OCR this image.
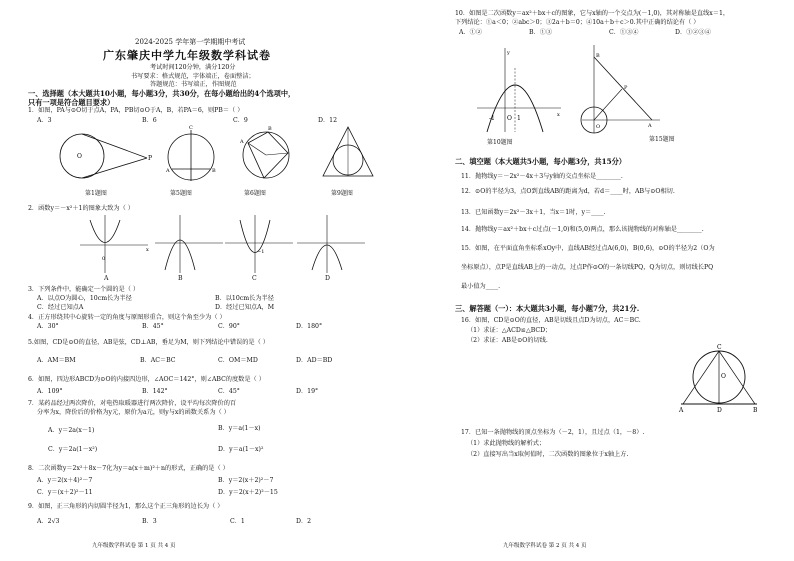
2024-2025 学年第一学期期中考试
广东肇庆中学九年级数学科试卷
考试时间120分钟，满分120分
书写要求：格式规范，字体端正，卷面整洁；
答题规范：书写端正，作图规范
一、选择题（本大题共10小题，每小题3分，共30分，在每小题给出的4个选项中，
只有一项是符合题目要求）
1．如图，PA与⊙O切于点A，PA，PB切⊙O于A，B，若PA＝6，则PB＝（ ）
A．3	B．6	C．9	D．12
O	P
C
A	B
B
A
第1题图	第5题图	第6题图	第9题图
2．函数y＝－x²＋1的图象大致为（ ）
0
x	−1
A	B	C	D
3．下列条件中，能确定一个圆的是（ ）
A．以点O为圆心，10cm长为半径	B．以10cm长为半径
C．经过已知点A	D．经过已知点A，M
4．正方形绕其中心旋转一定的角度与原图形重合，则这个角至少为（ ）
A．30°	B．45°	C．90°	D．180°
5.如图，CD是⊙O的直径，AB是弦，CD⊥AB，垂足为M，则下列结论中错误的是（ ）
A．AM＝BM	B．AC＝BC	C．OM＝MD	D．AD＝BD
6．如图，四边形ABCD为⊙O的内接四边形，∠AOC＝142°，则∠ABC的度数是（ ）
A．109°	B．142°	C．45°	D．19°
7．某药品经过两次降价，对电热取暖器进行两次降价，设平均每次降价的百
分率为x，降价后的价格为y元，原价为a元，则y与x的函数关系为（ ）
A．y＝2a(x－1)	B．y＝a(1－x)
C．y＝2a(1－x²)	D．y＝a(1－x)²
8．二次函数y＝2x²＋8x－7化为y＝a(x＋m)²＋n的形式，正确的是（ ）
A．y＝2(x＋4)²－7	B．y＝2(x＋2)²－7
C．y＝(x＋2)²－11	D．y＝2(x＋2)²－15
9．如图，正三角形的内切圆半径为1，那么这个正三角形的边长为（ ）
A．2√3	B．3	C．1	D．2
九年级数学科试卷 第 1 页 共 4 页
10．如图是二次函数y＝ax²＋bx＋c的图象，它与x轴的一个交点为(－1,0)，其对称轴是直线x＝1，
下列结论：①a＜0；②abc＞0；③2a＋b＝0；④10a＋b＋c＞0.其中正确的结论有（ ）
A．①②	B．①③	C．①③④	D．①②③④
-1 O 1
y
x
B
A
O
P
第10题图	第15题图
二、填空题（本大题共5小题，每小题3分，共15分）
11．抛物线y＝－2x²－4x＋3与y轴的交点坐标是________.
12．⊙O的半径为3，点O到直线AB的距离为d，若d＝____时，AB与⊙O相切.
13．已知函数y＝2x²－3x＋1，当x＝1时，y＝____.
14．抛物线y＝ax²＋bx＋c过点(－1,0)和(5,0)两点，那么该抛物线的对称轴是________.
15．如图，在平面直角坐标系xOy中，直线AB经过点A(6,0)，B(0,6)，⊙O的半径为2（O为
坐标原点），点P是直线AB上的一动点，过点P作⊙O的一条切线PQ，Q为切点，则切线长PQ
最小值为____.
三、解答题（一）：本大题共3小题，每小题7分，共21分.
16．如图，CD是⊙O的直径，AB是切线且点D为切点，AC＝BC.
（1）求证：△ACD≌△BCD；
（2）求证：AB是⊙O的切线.
C
O
A	D	B
17．已知一条抛物线的顶点坐标为（－2，1），且过点（1，－8）.
（1）求此抛物线的解析式；
（2）直接写出当x取何值时，二次函数的图象位于x轴上方.
九年级数学科试卷 第 2 页 共 4 页
